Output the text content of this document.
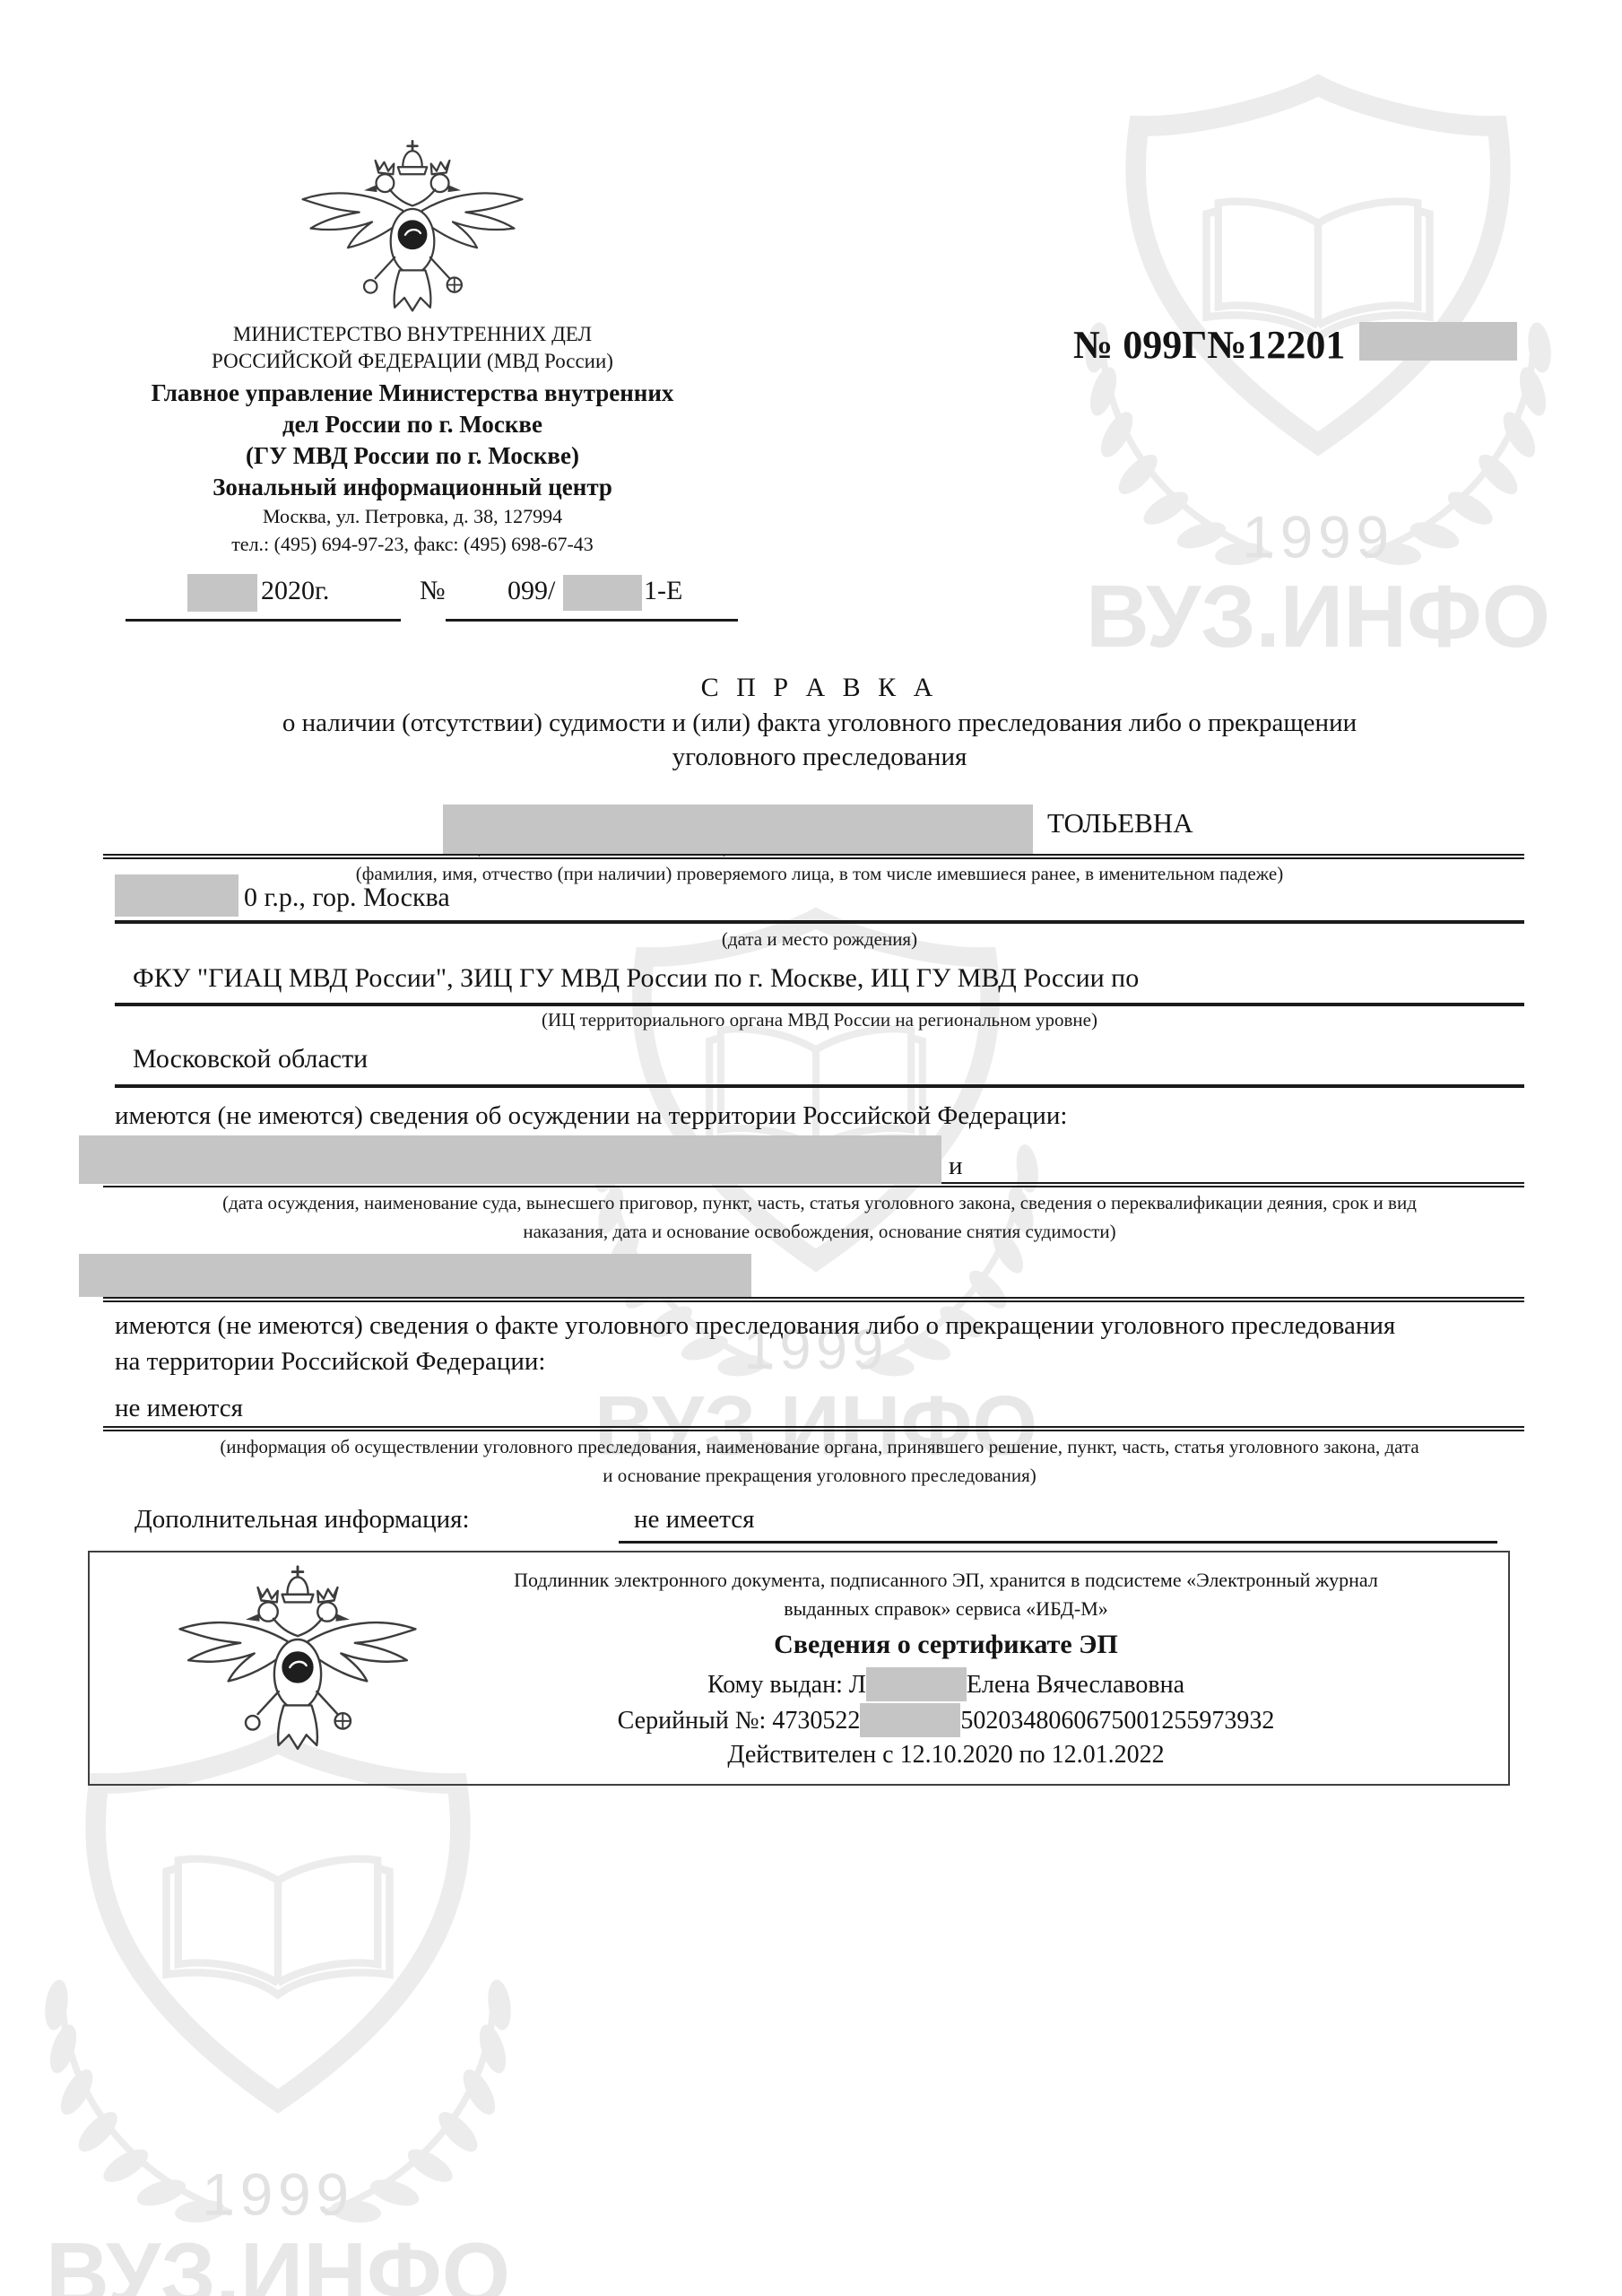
МИНИСТЕРСТВО ВНУТРЕННИХ ДЕЛ
РОССИЙСКОЙ ФЕДЕРАЦИИ (МВД России)
Главное управление Министерства внутренних
дел России по г. Москве
(ГУ МВД России по г. Москве)
Зональный информационный центр
Москва, ул. Петровка, д. 38, 127994
тел.: (495) 694-97-23, факс: (495) 698-67-43
№ 099Г№12201
2020г.	№ 099/	1-Е
С П Р А В К А
о наличии (отсутствии) судимости и (или) факта уголовного преследования либо о прекращении
уголовного преследования
ТОЛЬЕВНА
(фамилия, имя, отчество (при наличии) проверяемого лица, в том числе имевшиеся ранее, в именительном падеже)
0 г.р., гор. Москва
(дата и место рождения)
ФКУ "ГИАЦ МВД России", ЗИЦ ГУ МВД России по г. Москве, ИЦ ГУ МВД России по
(ИЦ территориального органа МВД России на региональном уровне)
Московской области
имеются (не имеются) сведения об осуждении на территории Российской Федерации:
и
(дата осуждения, наименование суда, вынесшего приговор, пункт, часть, статья уголовного закона, сведения о переквалификации деяния, срок и вид
наказания, дата и основание освобождения, основание снятия судимости)
имеются (не имеются) сведения о факте уголовного преследования либо о прекращении уголовного преследования
на территории Российской Федерации:
не имеются
(информация об осуществлении уголовного преследования, наименование органа, принявшего решение, пункт, часть, статья уголовного закона, дата
и основание прекращения уголовного преследования)
Дополнительная информация:	не имеется
Подлинник электронного документа, подписанного ЭП, хранится в подсистеме «Электронный журнал
выданных справок» сервиса «ИБД-М»
Сведения о сертификате ЭП
Кому выдан: Л	Елена Вячеславовна
Серийный №: 4730522	5020348060675001255973932
Действителен с 12.10.2020 по 12.01.2022
